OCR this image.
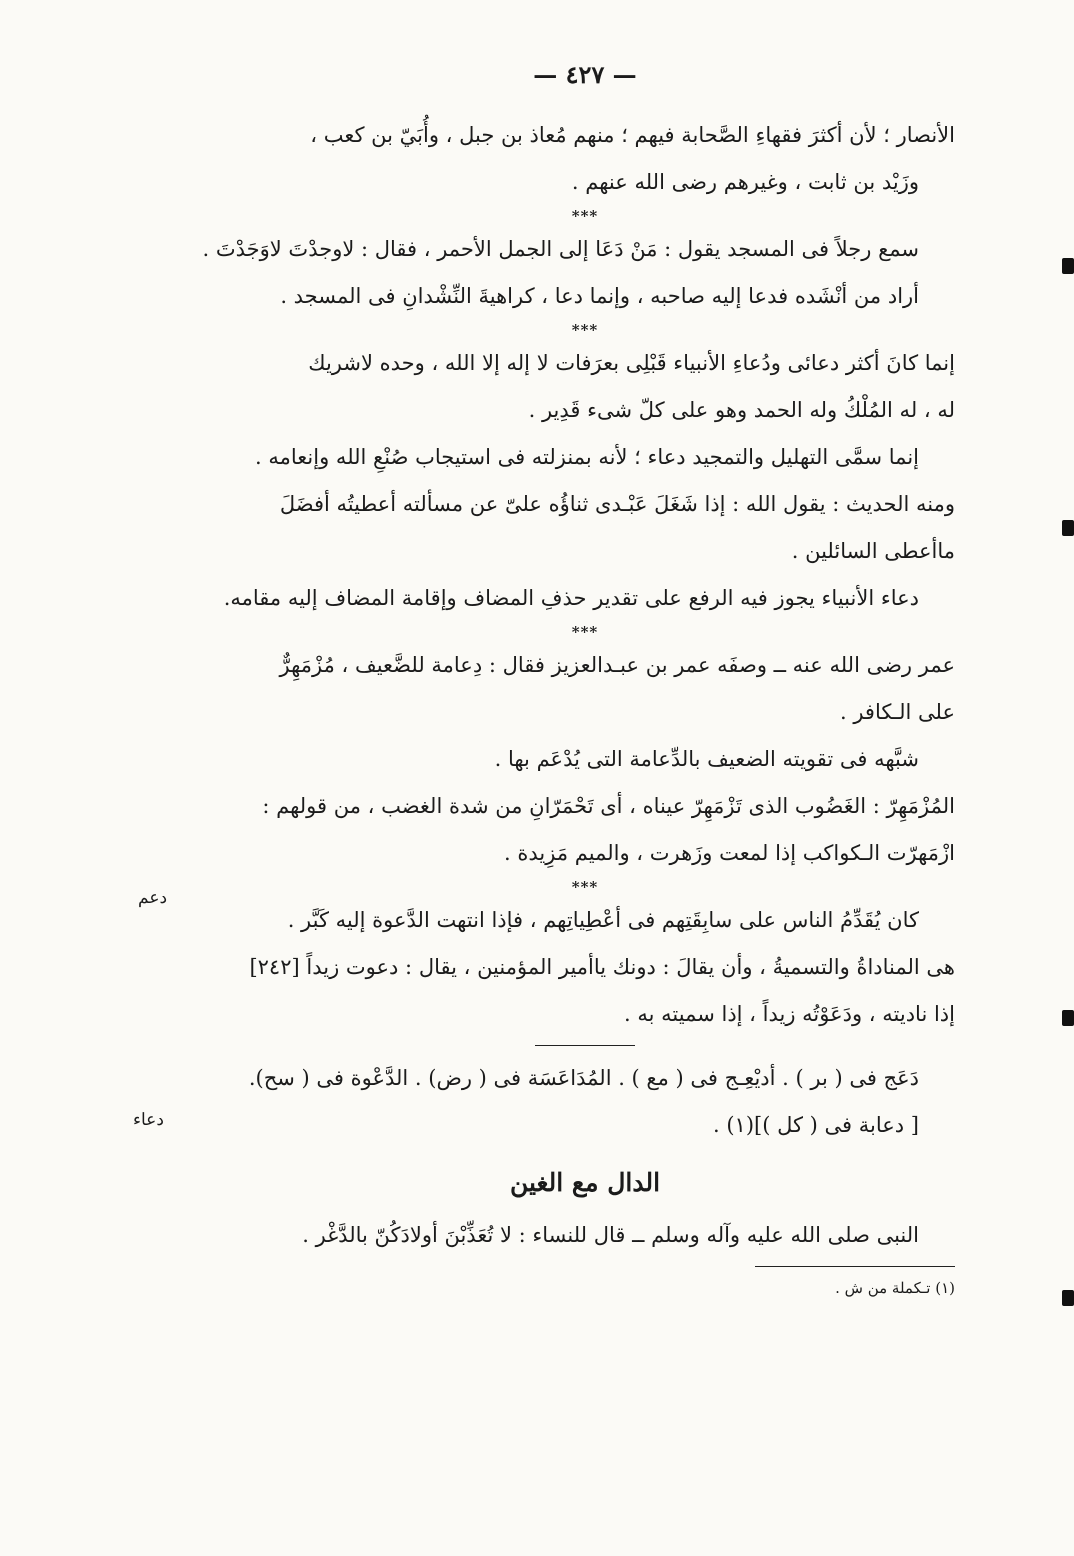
— ٤٢٧ —
الأنصار ؛ لأن أكثرَ فقهاءِ الصَّحابة فيهم ؛ منهم مُعاذ بن جبل ، وأُبَيّ بن كعب ،
وزَيْد بن ثابت ، وغيرهم رضى الله عنهم .
***
سمع رجلاً فى المسجد يقول : مَنْ دَعَا إلى الجمل الأحمر ، فقال : لاوجدْتَ لاوَجَدْتَ .
أراد من أنْشَده فدعا إليه صاحبه ، وإنما دعا ، كراهيةَ النِّشْدانِ فى المسجد .
***
إنما كانَ أكثر دعائى ودُعاءِ الأنبياء قَبْلِى بعرَفات لا إله إلا الله ، وحده لاشريك
له ، له المُلْكُ وله الحمد وهو على كلّ شىء قَدِير .
إنما سمَّى التهليل والتمجيد دعاء ؛ لأنه بمنزلته فى استيجاب صُنْعِ الله وإنعامه .
ومنه الحديث : يقول الله : إذا شَغَلَ عَبْـدى ثناؤُه علىّ عن مسألته أعطيتُه أفضَلَ
ماأعطى السائلين .
دعاء الأنبياء يجوز فيه الرفع على تقدير حذفِ المضاف وإقامة المضاف إليه مقامه.
***
عمر رضى الله عنه ــ وصفَه عمر بن عبـدالعزيز فقال : دِعامة للضَّعيف ، مُزْمَهِرٌّ
على الـكافر .
شبَّهه فى تقويته الضعيف بالدِّعامة التى يُدْعَم بها .
المُزْمَهِرّ : الغَضُوب الذى تَزْمَهِرّ عيناه ، أى تَحْمَرّانِ من شدة الغضب ، من قولهم :
ازْمَهرّت الـكواكب إذا لمعت وزَهرت ، والميم مَزِيدة .
***
كان يُقَدِّمُ الناس على سابِقَتِهم فى أعْطِياتِهم ، فإذا انتهت الدَّعوة إليه كَبَّر .
هى المناداةُ والتسميةُ ، وأن يقالَ : دونك ياأمير المؤمنين ، يقال : دعوت زيداً [٢٤٢]
إذا ناديته ، ودَعَوْتُه زيداً ، إذا سميته به .
دَعَج فى ( بر ) . أديْعِـج فى ( مع ) . المُدَاعَسَة فى ( رض) . الدَّعْوة فى ( سح).
[ دعابة فى ( كل )](١) .
الدال مع الغين
النبى صلى الله عليه وآله وسلم ــ قال للنساء : لا تُعَذِّبْنَ أولادَكُنّ بالدَّغْر .
(١) تـكملة من ش .
دعم
دعاء
